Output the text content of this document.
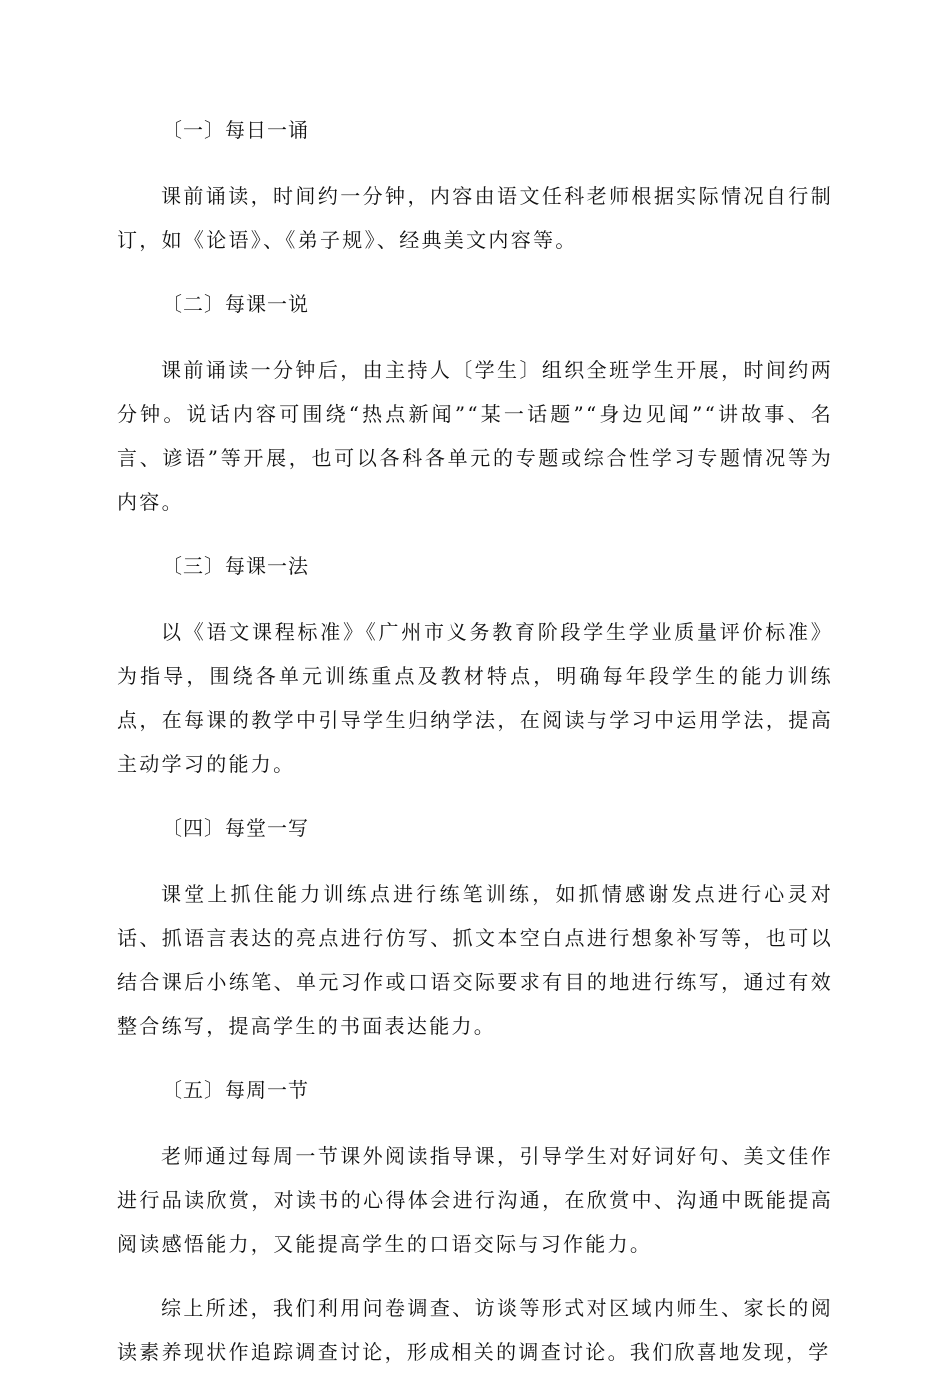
〔一〕每日一诵

课前诵读，时间约一分钟，内容由语文任科老师根据实际情况自行制订，如《论语》、《弟子规》、经典美文内容等。

〔二〕每课一说

课前诵读一分钟后，由主持人〔学生〕组织全班学生开展，时间约两分钟。说话内容可围绕“热点新闻”“某一话题”“身边见闻”“讲故事、名言、谚语”等开展，也可以各科各单元的专题或综合性学习专题情况等为内容。

〔三〕每课一法

以《语文课程标准》《广州市义务教育阶段学生学业质量评价标准》为指导，围绕各单元训练重点及教材特点，明确每年段学生的能力训练点，在每课的教学中引导学生归纳学法，在阅读与学习中运用学法，提高主动学习的能力。

〔四〕每堂一写

课堂上抓住能力训练点进行练笔训练，如抓情感谢发点进行心灵对话、抓语言表达的亮点进行仿写、抓文本空白点进行想象补写等，也可以结合课后小练笔、单元习作或口语交际要求有目的地进行练写，通过有效整合练写，提高学生的书面表达能力。

〔五〕每周一节

老师通过每周一节课外阅读指导课，引导学生对好词好句、美文佳作进行品读欣赏，对读书的心得体会进行沟通，在欣赏中、沟通中既能提高阅读感悟能力，又能提高学生的口语交际与习作能力。

综上所述，我们利用问卷调查、访谈等形式对区域内师生、家长的阅读素养现状作追踪调查讨论，形成相关的调查讨论。我们欣喜地发现，学
